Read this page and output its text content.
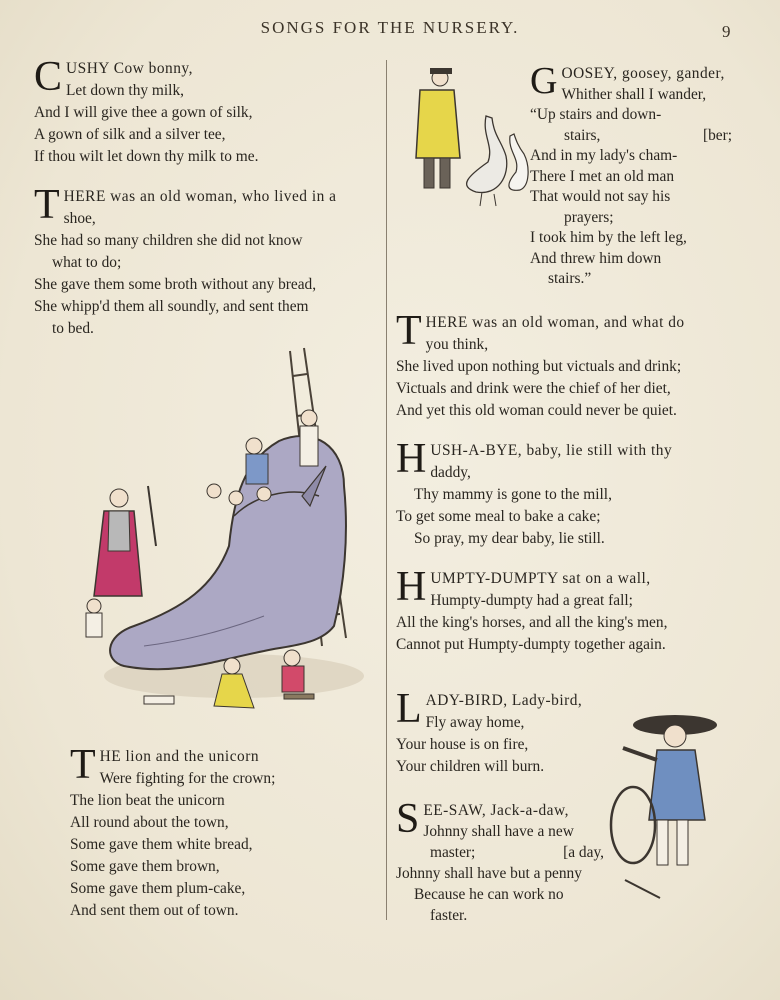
SONGS FOR THE NURSERY.	9
C USHY Cow bonny,
Let down thy milk,
And I will give thee a gown of silk,
A gown of silk and a silver tee,
If thou wilt let down thy milk to me.
T HERE was an old woman, who lived in a
shoe,
She had so many children she did not know
what to do;
She gave them some broth without any bread,
She whipp'd them all soundly, and sent them
to bed.
T HE lion and the unicorn
Were fighting for the crown;
The lion beat the unicorn
All round about the town,
Some gave them white bread,
Some gave them brown,
Some gave them plum-cake,
And sent them out of town.
G OOSEY, goosey, gander,
Whither shall I wander,
“Up stairs and down-
stairs,	[ber;
And in my lady's cham-
There I met an old man
That would not say his
prayers;
I took him by the left leg,
And threw him down
stairs.”
T HERE was an old woman, and what do
you think,
She lived upon nothing but victuals and drink;
Victuals and drink were the chief of her diet,
And yet this old woman could never be quiet.
H USH-A-BYE, baby, lie still with thy
daddy,
Thy mammy is gone to the mill,
To get some meal to bake a cake;
So pray, my dear baby, lie still.
H UMPTY-DUMPTY sat on a wall,
Humpty-dumpty had a great fall;
All the king's horses, and all the king's men,
Cannot put Humpty-dumpty together again.
L ADY-BIRD, Lady-bird,
Fly away home,
Your house is on fire,
Your children will burn.
S EE-SAW, Jack-a-daw,
Johnny shall have a new
master;	[a day,
Johnny shall have but a penny
Because he can work no
faster.
